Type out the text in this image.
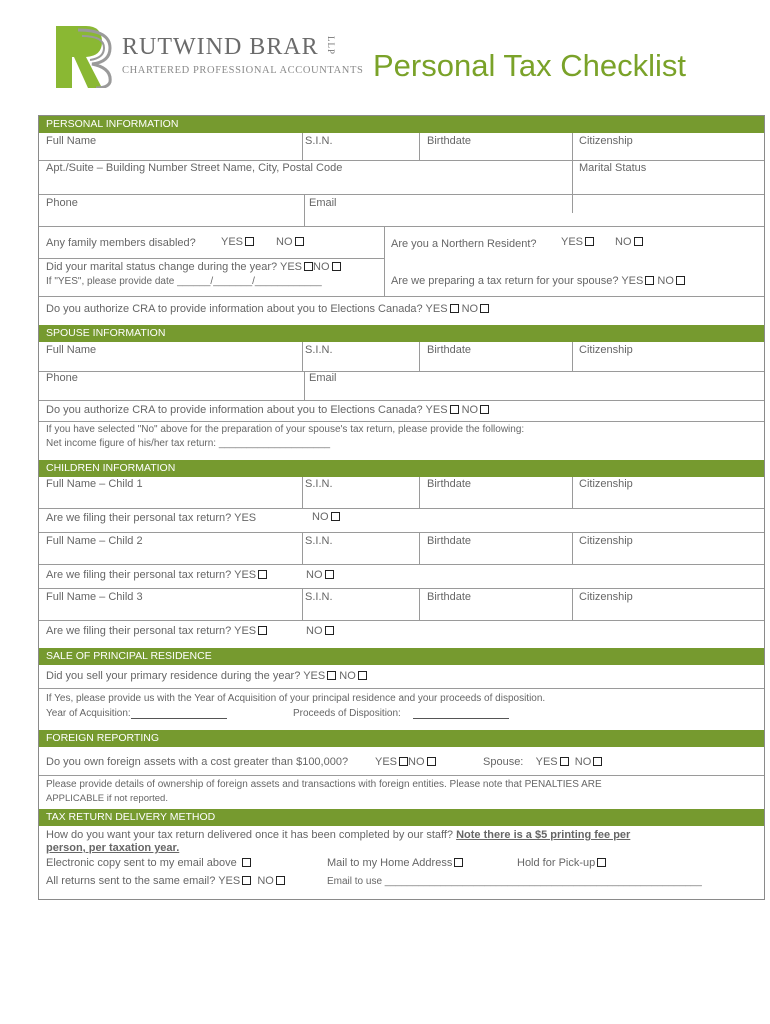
RUTWIND BRAR LLP
CHARTERED PROFESSIONAL ACCOUNTANTS Personal Tax Checklist
PERSONAL INFORMATION
Full Name	S.I.N.	Birthdate	Citizenship
Apt./Suite – Building Number Street Name, City, Postal Code	Marital Status
Phone	Email
Any family members disabled? YES	NO	Are you a Northern Resident? YES	NO
Did your marital status change during the year? YES NO
If "YES", please provide date ______/_______/____________	Are we preparing a tax return for your spouse? YES NO
Do you authorize CRA to provide information about you to Elections Canada? YES NO
SPOUSE INFORMATION
Full Name	S.I.N.	Birthdate	Citizenship
Phone	Email
Do you authorize CRA to provide information about you to Elections Canada? YES NO
If you have selected "No" above for the preparation of your spouse's tax return, please provide the following:
Net income figure of his/her tax return: ____________________
CHILDREN INFORMATION
Full Name – Child 1	S.I.N.	Birthdate	Citizenship
Are we filing their personal tax return? YES	NO
Full Name – Child 2	S.I.N.	Birthdate	Citizenship
Are we filing their personal tax return? YES	NO
Full Name – Child 3	S.I.N.	Birthdate	Citizenship
Are we filing their personal tax return? YES	NO
SALE OF PRINCIPAL RESIDENCE
Did you sell your primary residence during the year? YES NO
If Yes, please provide us with the Year of Acquisition of your principal residence and your proceeds of disposition.
Year of Acquisition:	Proceeds of Disposition:
FOREIGN REPORTING
Do you own foreign assets with a cost greater than $100,000? YES NO	Spouse: YES NO
Please provide details of ownership of foreign assets and transactions with foreign entities. Please note that PENALTIES ARE
APPLICABLE if not reported.
TAX RETURN DELIVERY METHOD
How do you want your tax return delivered once it has been completed by our staff? Note there is a $5 printing fee per
person, per taxation year.
Electronic copy sent to my email above	Mail to my Home Address	Hold for Pick-up
All returns sent to the same email? YES NO	Email to use _________________________________________________________
